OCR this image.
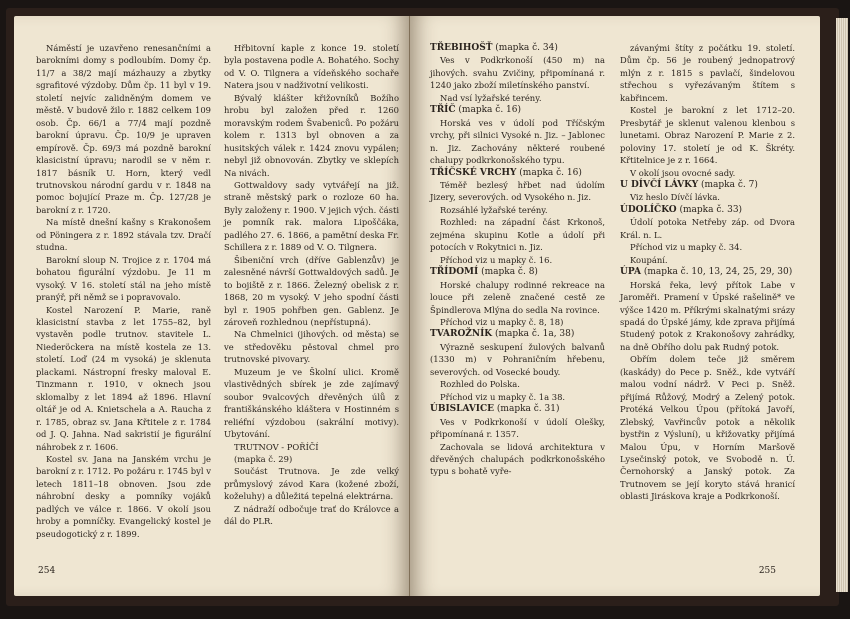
Náměstí je uzavřeno renesančními a barokními domy s podloubím. Domy čp. 11/7 a 38/2 mají mázhauzy a zbytky sgrafitové výzdoby. Dům čp. 11 byl v 19. století nejvíc zalidněným domem ve městě. V budově žilo r. 1882 celkem 109 osob. Čp. 66/1 a 77/4 mají pozdně barokní úpravu. Čp. 10/9 je upraven empírově. Čp. 69/3 má pozdně barokní klasicistní úpravu; narodil se v něm r. 1817 básník U. Horn, který vedl trutnovskou národní gardu v r. 1848 na pomoc bojující Praze m. Čp. 127/28 je barokní z r. 1720.

Na místě dnešní kašny s Krakonošem od Pöningera z r. 1892 stávala tzv. Dračí studna.

Barokní sloup N. Trojice z r. 1704 má bohatou figurální výzdobu. Je 11 m vysoký. V 16. století stál na jeho místě pranýř, při němž se i popravovalo.

Kostel Narození P. Marie, raně klasicistní stavba z let 1755–82, byl vystavěn podle trutnov. stavitele L. Niederöckera na místě kostela ze 13. století. Loď (24 m vysoká) je sklenuta plackami. Nástropní fresky maloval E. Tinzmann r. 1910, v oknech jsou sklomalby z let 1894 až 1896. Hlavní oltář je od A. Knietschela a A. Raucha z r. 1785, obraz sv. Jana Křtitele z r. 1784 od J. Q. Jahna. Nad sakristií je figurální náhrobek z r. 1606.

Kostel sv. Jana na Janském vrchu je barokní z r. 1712. Po požáru r. 1745 byl v letech 1811–18 obnoven. Jsou zde náhrobní desky a pomníky vojáků padlých ve válce r. 1866. V okolí jsou hroby a pomníčky. Evangelický kostel je pseudogotický z r. 1899.

Hřbitovní kaple z konce 19. století byla postavena podle A. Bohatého. Sochy od V. O. Tilgnera a vídeňského sochaře Natera jsou v nadživotní velikosti.

Bývalý klášter křižovníků Božího hrobu byl založen před r. 1260 moravským rodem Švabeniců. Po požáru kolem r. 1313 byl obnoven a za husitských válek r. 1424 znovu vypálen; nebyl již obnovován. Zbytky ve sklepích Na nivách.

Gottwaldovy sady vytvářejí na již. straně městský park o rozloze 60 ha. Byly založeny r. 1900. V jejich vých. části je pomník rak. malora Lipoščáka, padlého 27. 6. 1866, a pamětní deska Fr. Schillera z r. 1889 od V. O. Tilgnera.

Šibeniční vrch (dříve Gablenzův) je zalesněné návrší Gottwaldových sadů. Je to bojiště z r. 1866. Železný obelisk z r. 1868, 20 m vysoký. V jeho spodní části byl r. 1905 pohřben gen. Gablenz. Je zároveň rozhlednou (nepřístupná).

Na Chmelnici (jihových. od města) se ve středověku pěstoval chmel pro trutnovské pivovary.

Muzeum je ve Školní ulici. Kromě vlastivědných sbírek je zde zajímavý soubor 9valcových dřevěných úlů z františkánského kláštera v Hostinném s reliéfní výzdobou (sakrální motivy). Ubytování.

TRUTNOV - POŘÍČÍ

(mapka č. 29)

Součást Trutnova. Je zde velký průmyslový závod Kara (kožené zboží, koželuhy) a důležitá tepelná elektrárna.

Z nádraží odbočuje trať do Královce a dál do PLR.

254

TŘEBIHOŠŤ (mapka č. 34)

Ves v Podkrkonoší (450 m) na jihových. svahu Zvičiny, připomínaná r. 1240 jako zboží miletínského panství.

Nad vsí lyžařské terény.

TŘÍČ (mapka č. 16)

Horská ves v údolí pod Tříčským vrchy, při silnici Vysoké n. Jiz. – Jablonec n. Jiz. Zachovány některé roubené chalupy podkrkonošského typu.

TŘÍČSKÉ VRCHY (mapka č. 16)

Téměř bezlesý hřbet nad údolím Jizery, severových. od Vysokého n. Jiz.

Rozsáhlé lyžařské terény.

Rozhled: na západní část Krkonoš, zejména skupinu Kotle a údolí při potocích v Rokytnici n. Jiz.

Příchod viz u mapky č. 16.

TŘÍDOMÍ (mapka č. 8)

Horské chalupy rodinné rekreace na louce při zeleně značené cestě ze Špindlerova Mlýna do sedla Na rovince.

Příchod viz u mapky č. 8, 18)

TVAROŽNÍK (mapka č. 1a, 38)

Výrazně seskupení žulových balvanů (1330 m) v Pohraničním hřebenu, severových. od Vosecké boudy.

Rozhled do Polska.

Příchod viz u mapky č. 1a 38.

ÚBISLAVICE (mapka č. 31)

Ves v Podkrkonoší v údolí Olešky, připomínaná r. 1357.

Zachovala se lidová architektura v dřevěných chalupách podkrkonošského typu s bohatě vyře-

závanými štíty z počátku 19. století. Dům čp. 56 je roubený jednopatrový mlýn z r. 1815 s pavlačí, šindelovou střechou s vyřezávaným štítem s kabřincem.

Kostel je barokní z let 1712–20. Presbytář je sklenut valenou klenbou s lunetami. Obraz Narození P. Marie z 2. poloviny 17. století je od K. Škréty. Křtitelnice je z r. 1664.

V okolí jsou ovocné sady.

U DÍVČÍ LÁVKY (mapka č. 7)

Viz heslo Dívčí lávka.

ÚDOLÍČKO (mapka č. 33)

Údolí potoka Netřeby záp. od Dvora Král. n. L.

Příchod viz u mapky č. 34.

Koupání.

ÚPA (mapka č. 10, 13, 24, 25, 29, 30)

Horská řeka, levý přítok Labe v Jaroměři. Pramení v Úpské rašelině* ve výšce 1420 m. Příkrými skalnatými srázy spadá do Úpské jámy, kde zprava přijímá Studený potok z Krakonošovy zahrádky, na dně Obřího dolu pak Rudný potok.

Obřím dolem teče již směrem (kaskády) do Pece p. Sněž., kde vytváří malou vodní nádrž. V Peci p. Sněž. přijímá Růžový, Modrý a Zelený potok. Protéká Velkou Úpou (přítoká Javoří, Zlebský, Vavřincův potok a několik bystřin z Výsluní), u křižovatky přijímá Malou Úpu, v Horním Maršově Lysečinský potok, ve Svobodě n. Ú. Černohorský a Janský potok. Za Trutnovem se její koryto stává hranicí oblasti Jiráskova kraje a Podkrkonoší.

255
